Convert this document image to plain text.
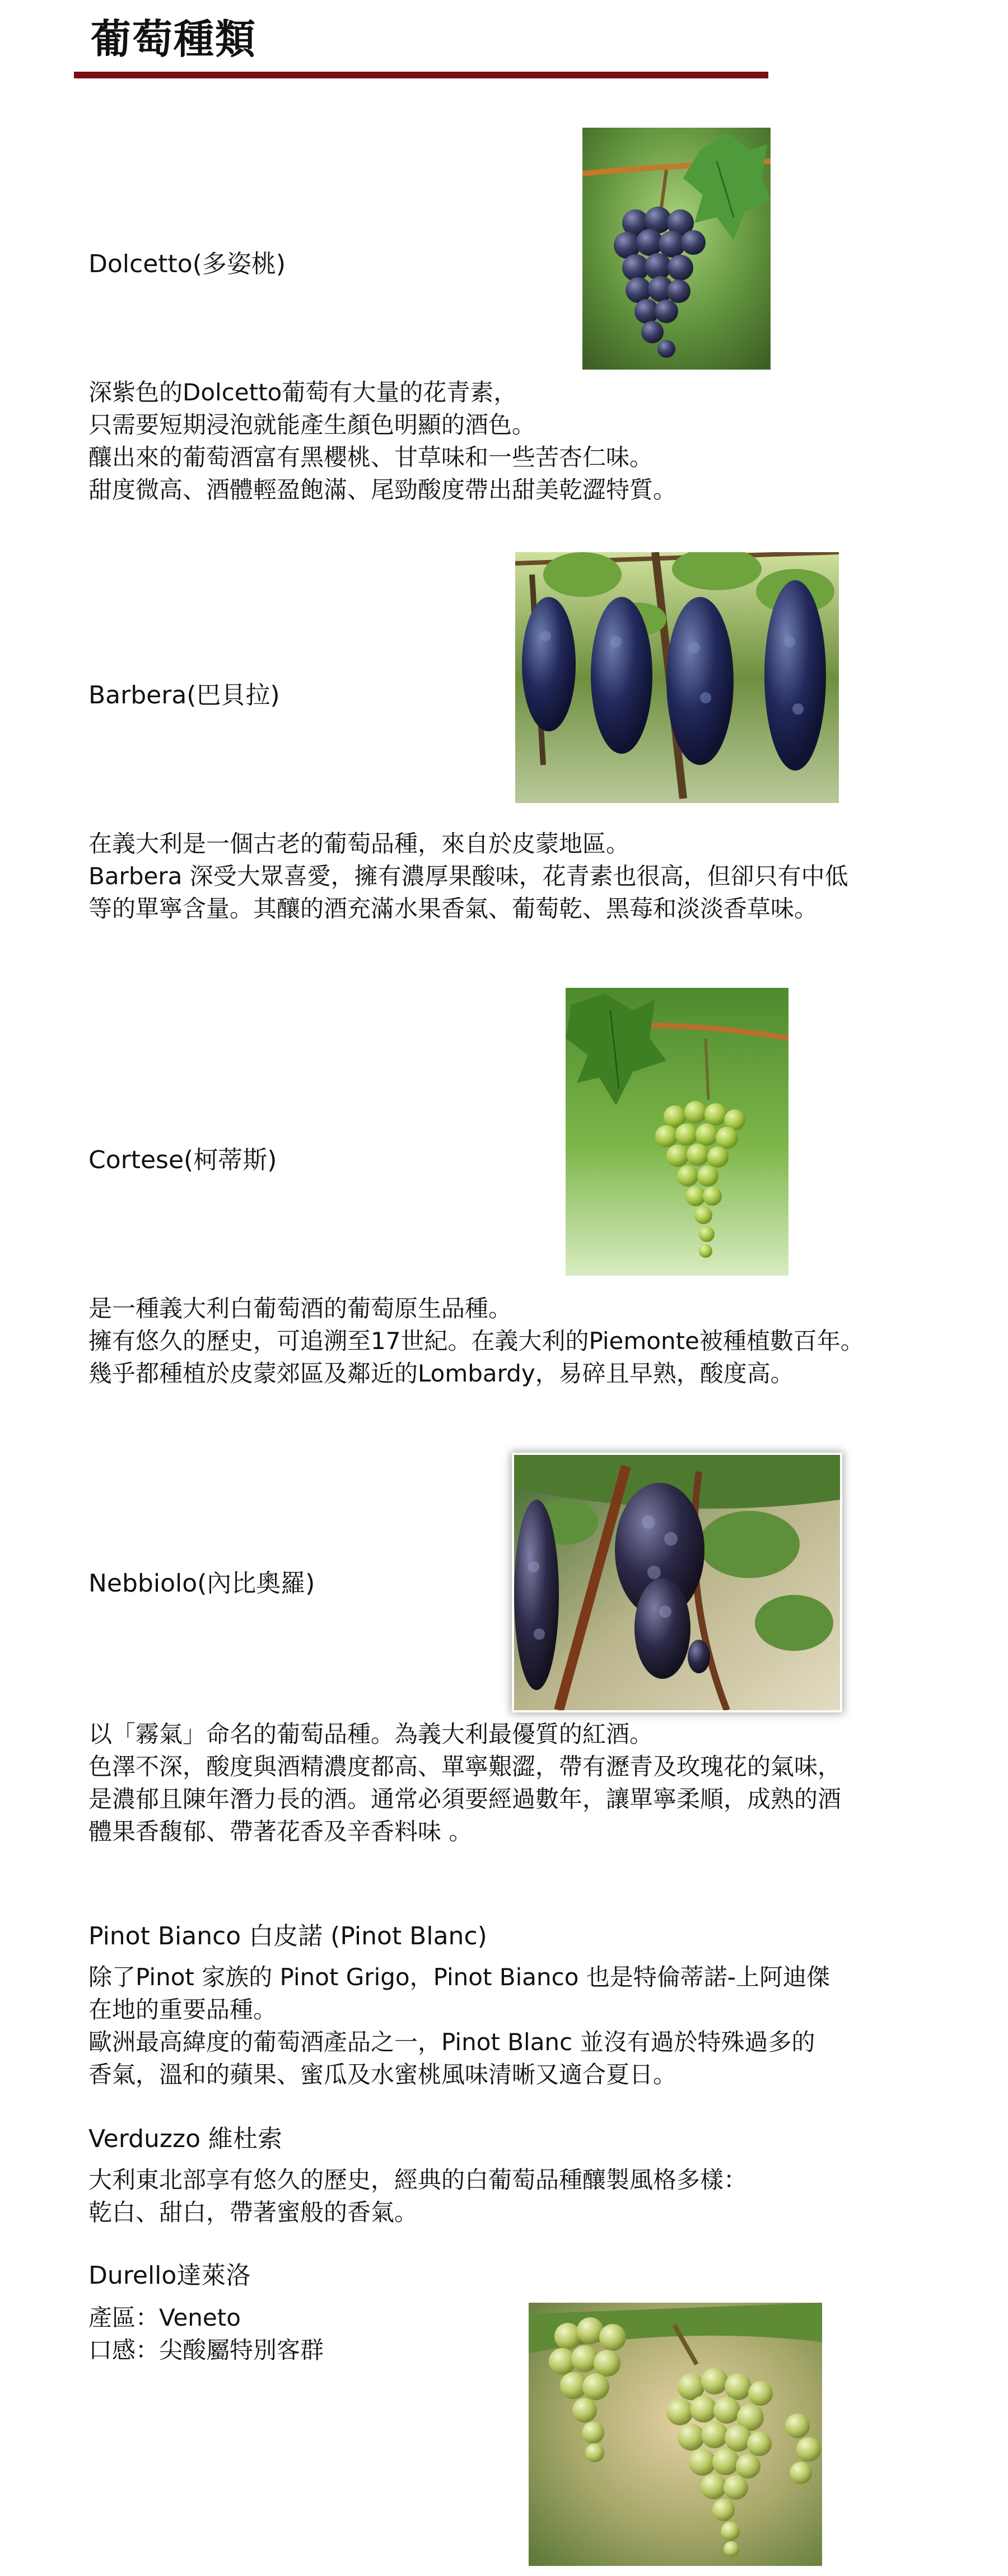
葡萄種類
Dolcetto(多姿桃)

深紫色的Dolcetto葡萄有大量的花青素，
只需要短期浸泡就能產生顏色明顯的酒色。
釀出來的葡萄酒富有黑櫻桃、甘草味和一些苦杏仁味。
甜度微高、酒體輕盈飽滿、尾勁酸度帶出甜美乾澀特質。

Barbera(巴貝拉)

在義大利是一個古老的葡萄品種，來自於皮蒙地區。
Barbera 深受大眾喜愛，擁有濃厚果酸味，花青素也很高，但卻只有中低
等的單寧含量。其釀的酒充滿水果香氣、葡萄乾、黑莓和淡淡香草味。

Cortese(柯蒂斯)

是一種義大利白葡萄酒的葡萄原生品種。
擁有悠久的歷史，可追溯至17世紀。在義大利的Piemonte被種植數百年。
幾乎都種植於皮蒙郊區及鄰近的Lombardy，易碎且早熟，酸度高。

Nebbiolo(內比奧羅)

以「霧氣」命名的葡萄品種。為義大利最優質的紅酒。
色澤不深，酸度與酒精濃度都高、單寧艱澀，帶有瀝青及玫瑰花的氣味，
是濃郁且陳年潛力長的酒。通常必須要經過數年，讓單寧柔順，成熟的酒
體果香馥郁、帶著花香及辛香料味 。

Pinot Bianco 白皮諾 (Pinot Blanc)

除了Pinot 家族的 Pinot Grigo，Pinot Bianco 也是特倫蒂諾-上阿迪傑
在地的重要品種。
歐洲最高緯度的葡萄酒產品之一，Pinot Blanc 並沒有過於特殊過多的
香氣，溫和的蘋果、蜜瓜及水蜜桃風味清晰又適合夏日。

Verduzzo 維杜索

大利東北部享有悠久的歷史，經典的白葡萄品種釀製風格多樣：
乾白、甜白，帶著蜜般的香氣。

Durello達萊洛

產區：Veneto
口感：尖酸屬特別客群
